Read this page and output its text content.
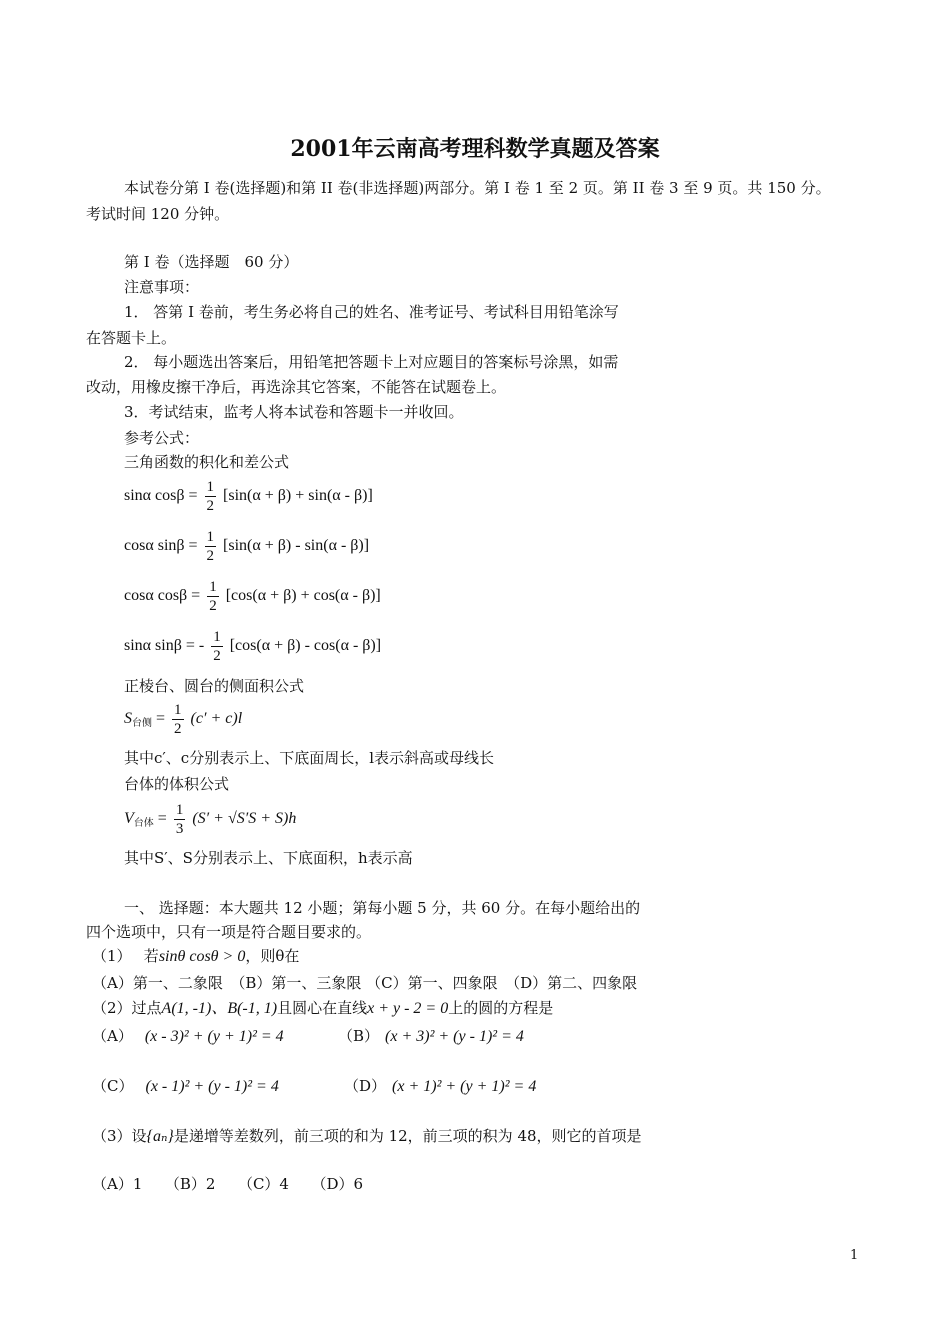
2001年云南高考理科数学真题及答案
本试卷分第 I 卷(选择题)和第 II 卷(非选择题)两部分。第 I 卷 1 至 2 页。第 II 卷 3 至 9 页。共 150 分。
考试时间 120 分钟。
第 I 卷（选择题　60 分）
注意事项：
1． 答第 I 卷前，考生务必将自己的姓名、准考证号、考试科目用铅笔涂写
在答题卡上。
2． 每小题选出答案后，用铅笔把答题卡上对应题目的答案标号涂黑，如需
改动，用橡皮擦干净后，再选涂其它答案，不能答在试题卷上。
3．考试结束，监考人将本试卷和答题卡一并收回。
参考公式：
三角函数的积化和差公式
sinα $\cos\beta = \frac{1}{2} [\sin(\alpha + \beta) + \sin(\alpha - \beta)]$
cosα $\sin\beta = \frac{1}{2} [\sin(\alpha + \beta) - \sin(\alpha - \beta)]$
cosα $\cos\beta = \frac{1}{2} [\cos(\alpha + \beta) + \cos(\alpha - \beta)]$
sinα sinβ = - $\frac{1}{2} [\cos(\alpha + \beta) - \cos(\alpha - \beta)]$
正棱台、圆台的侧面积公式
$S_{台侧} = \frac{1}{2} (c' + c)l$
其中c′、c分别表示上、下底面周长，l表示斜高或母线长
台体的体积公式
$V_{台体} = \frac{1}{3} (S' + √S'S + S)h$
其中S′、S分别表示上、下底面积，h表示高
一、 选择题：本大题共 12 小题；第每小题 5 分，共 60 分。在每小题给出的
四个选项中，只有一项是符合题目要求的。
（1）　 若sinθ cosθ > 0，则θ在
（A）第一、二象限　（B）第一、三象限 （C）第一、四象限　（D）第二、四象限
（2）过点A(1, -1)、B(-1, 1)且圆心在直线x + y - 2 = 0上的圆的方程是
（A） (x - 3)² + (y + 1)² = 4	（B） (x + 3)² + (y - 1)² = 4
（C） (x - 1)² + (y - 1)² = 4	（D） (x + 1)² + (y + 1)² = 4
（3）设{aₙ}是递增等差数列，前三项的和为 12，前三项的积为 48，则它的首项是
（A）1　　（B）2　　（C）4　　（D）6
1
